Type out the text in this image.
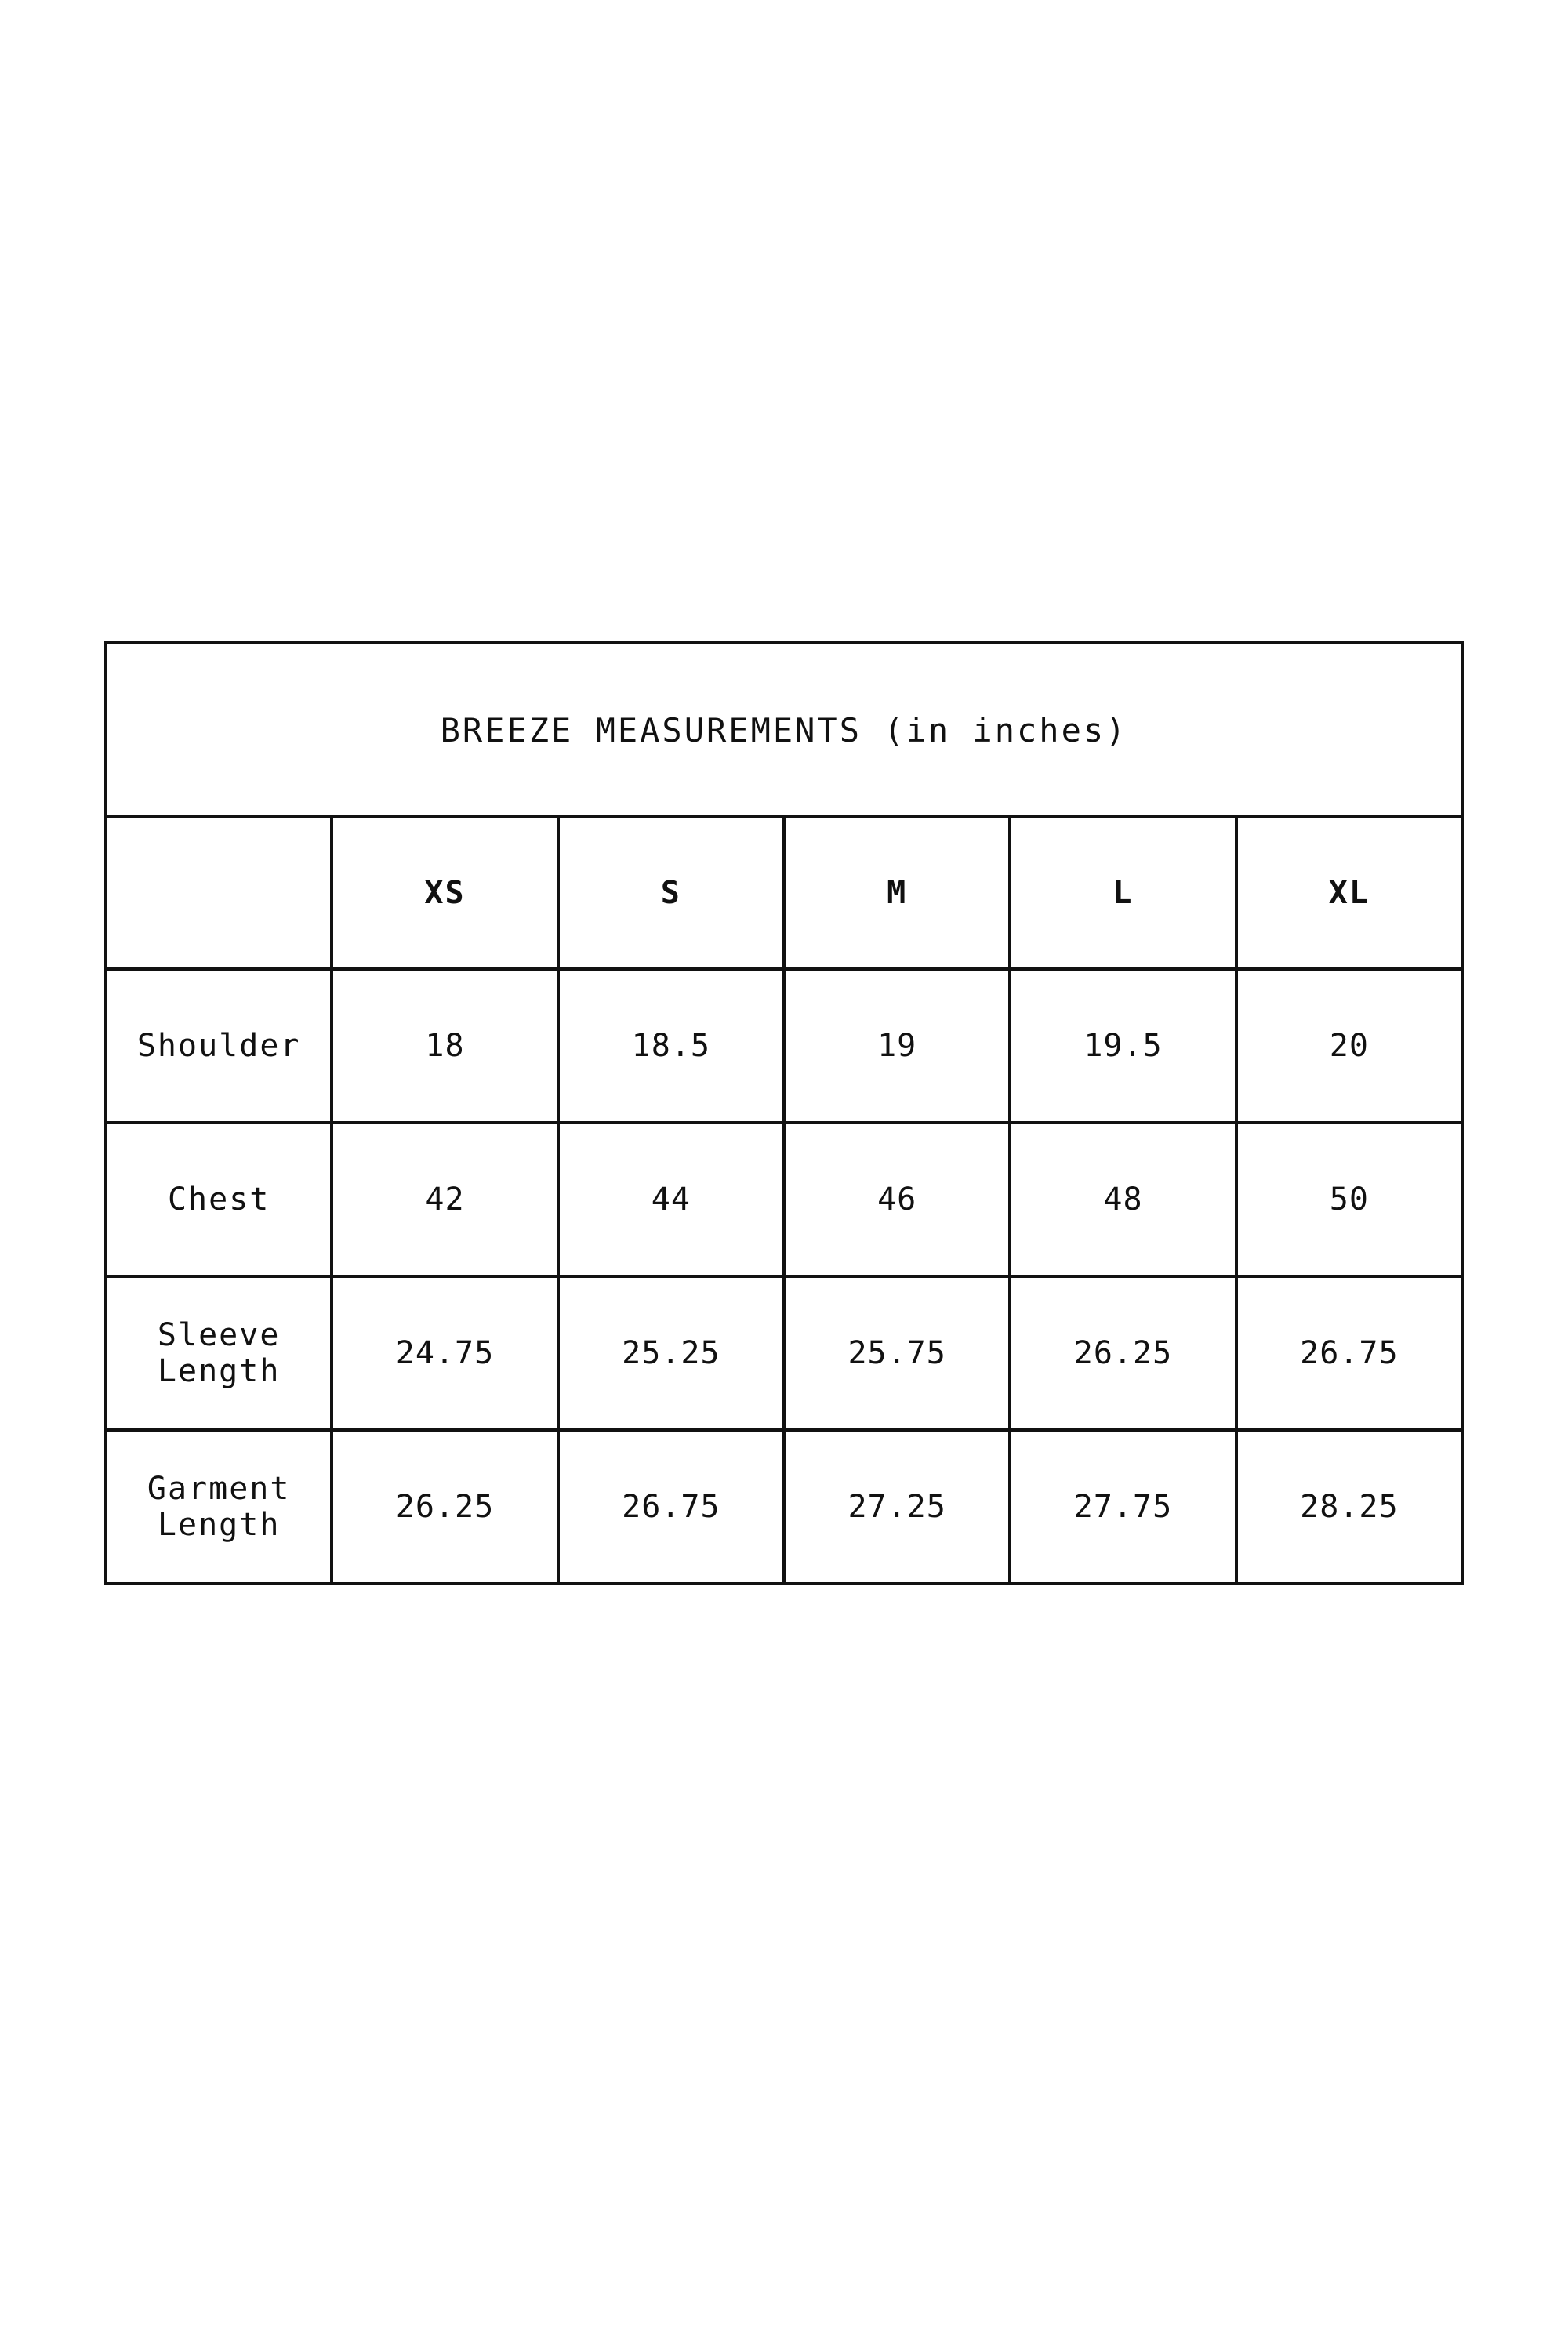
BREEZE MEASUREMENTS (in inches)					
	XS	S	M	L	XL
Shoulder	18	18.5	19	19.5	20
Chest	42	44	46	48	50
Sleeve Length	24.75	25.25	25.75	26.25	26.75
Garment Length	26.25	26.75	27.25	27.75	28.25
